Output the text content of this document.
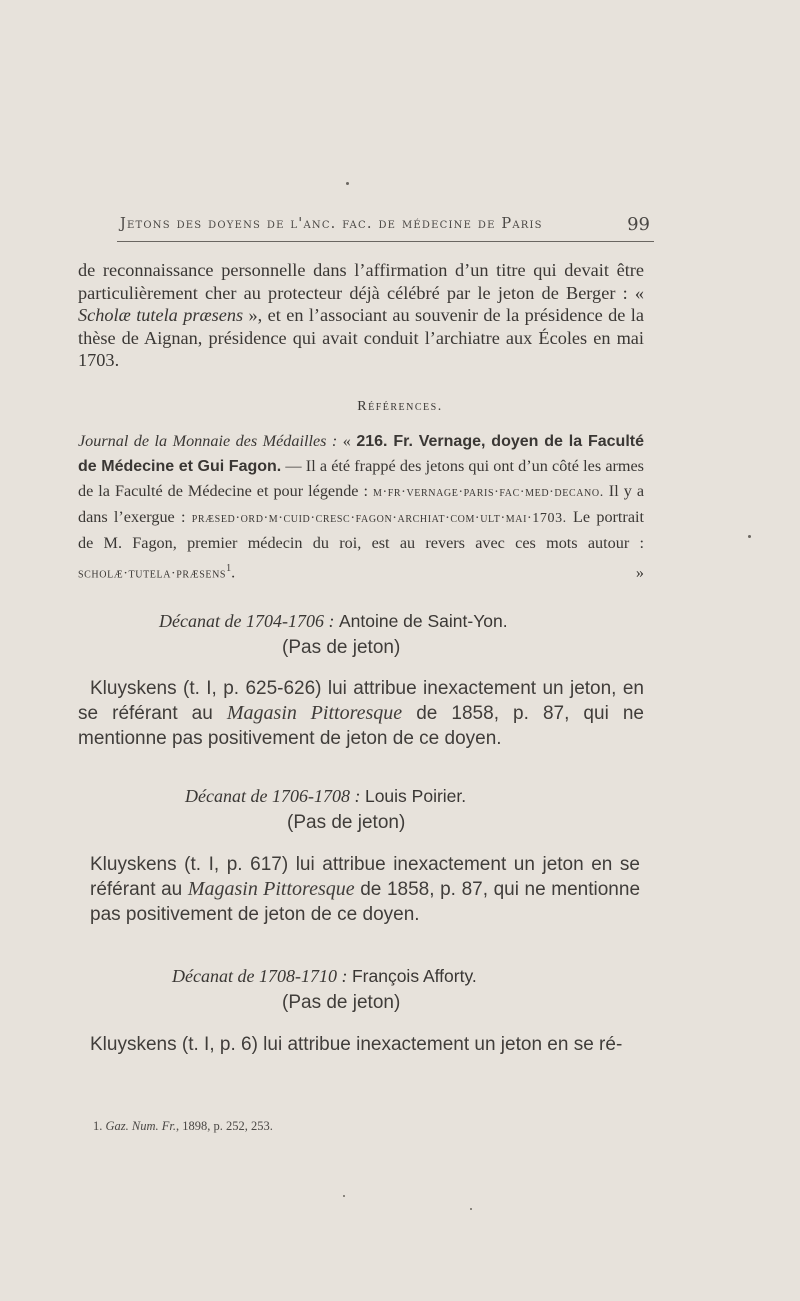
Jetons des doyens de l'anc. fac. de médecine de Paris	99
de reconnaissance personnelle dans l’affirmation d’un titre qui devait être particulièrement cher au protecteur déjà célébré par le jeton de Berger : « Scholæ tutela præsens », et en l’associant au souvenir de la présidence de la thèse de Aignan, présidence qui avait conduit l’archiatre aux Écoles en mai 1703.
Références.
Journal de la Monnaie des Médailles : « 216. Fr. Vernage, doyen de la Faculté de Médecine et Gui Fagon. — Il a été frappé des jetons qui ont d’un côté les armes de la Faculté de Médecine et pour légende : m·fr·vernage·paris·fac·med·decano. Il y a dans l’exergue : præsed·ord·m·cuid·cresc·fagon·archiat·com·ult·mai·1703. Le portrait de M. Fagon, premier médecin du roi, est au revers avec ces mots autour : scholæ·tutela·præsens$^1$. »
Décanat de 1704-1706 : Antoine de Saint-Yon.
(Pas de jeton)
Kluyskens (t. I, p. 625-626) lui attribue inexactement un jeton, en se référant au Magasin Pittoresque de 1858, p. 87, qui ne mentionne pas positivement de jeton de ce doyen.
Décanat de 1706-1708 : Louis Poirier.
(Pas de jeton)
Kluyskens (t. I, p. 617) lui attribue inexactement un jeton en se référant au Magasin Pittoresque de 1858, p. 87, qui ne mentionne pas positivement de jeton de ce doyen.
Décanat de 1708-1710 : François Afforty.
(Pas de jeton)
Kluyskens (t. I, p. 6) lui attribue inexactement un jeton en se ré-
1. Gaz. Num. Fr., 1898, p. 252, 253.
